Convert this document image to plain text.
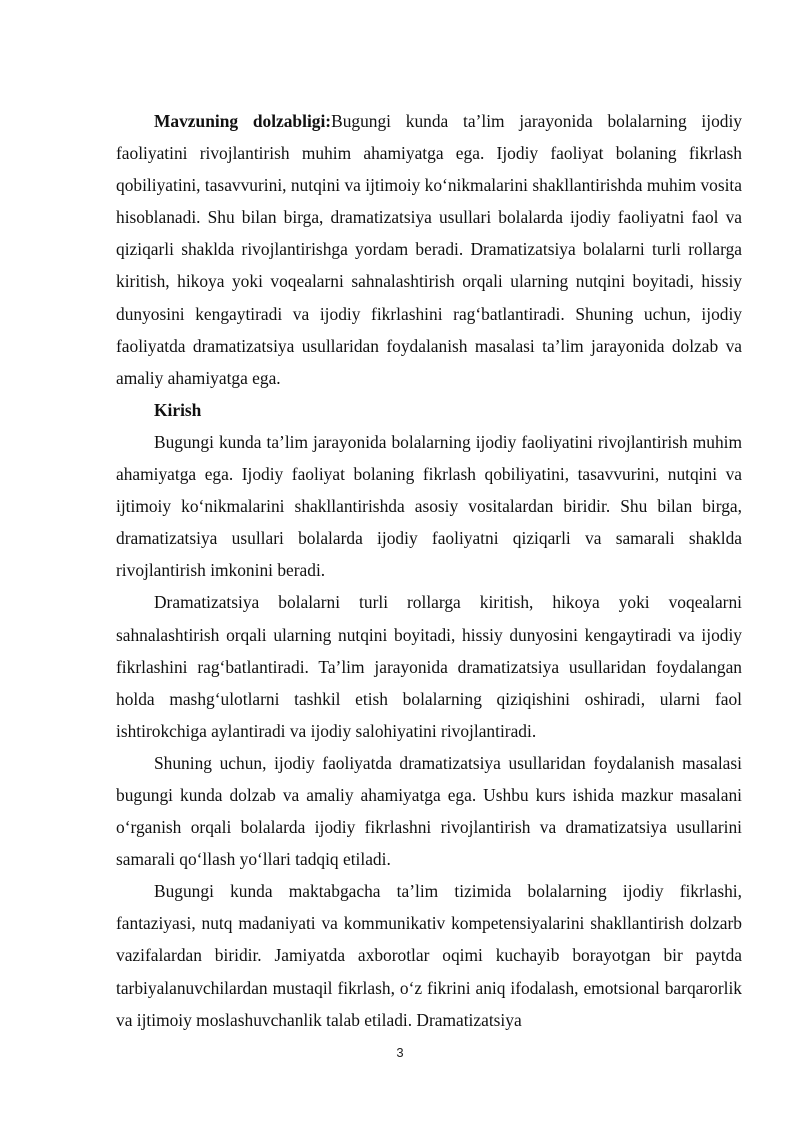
Mavzuning dolzabligi:Bugungi kunda ta’lim jarayonida bolalarning ijodiy faoliyatini rivojlantirish muhim ahamiyatga ega. Ijodiy faoliyat bolaning fikrlash qobiliyatini, tasavvurini, nutqini va ijtimoiy ko‘nikmalarini shakllantirishda muhim vosita hisoblanadi. Shu bilan birga, dramatizatsiya usullari bolalarda ijodiy faoliyatni faol va qiziqarli shaklda rivojlantirishga yordam beradi. Dramatizatsiya bolalarni turli rollarga kiritish, hikoya yoki voqealarni sahnalashtirish orqali ularning nutqini boyitadi, hissiy dunyosini kengaytiradi va ijodiy fikrlashini rag‘batlantiradi. Shuning uchun, ijodiy faoliyatda dramatizatsiya usullaridan foydalanish masalasi ta’lim jarayonida dolzab va amaliy ahamiyatga ega.

Kirish

Bugungi kunda ta’lim jarayonida bolalarning ijodiy faoliyatini rivojlantirish muhim ahamiyatga ega. Ijodiy faoliyat bolaning fikrlash qobiliyatini, tasavvurini, nutqini va ijtimoiy ko‘nikmalarini shakllantirishda asosiy vositalardan biridir. Shu bilan birga, dramatizatsiya usullari bolalarda ijodiy faoliyatni qiziqarli va samarali shaklda rivojlantirish imkonini beradi.

Dramatizatsiya bolalarni turli rollarga kiritish, hikoya yoki voqealarni sahnalashtirish orqali ularning nutqini boyitadi, hissiy dunyosini kengaytiradi va ijodiy fikrlashini rag‘batlantiradi. Ta’lim jarayonida dramatizatsiya usullaridan foydalangan holda mashg‘ulotlarni tashkil etish bolalarning qiziqishini oshiradi, ularni faol ishtirokchiga aylantiradi va ijodiy salohiyatini rivojlantiradi.

Shuning uchun, ijodiy faoliyatda dramatizatsiya usullaridan foydalanish masalasi bugungi kunda dolzab va amaliy ahamiyatga ega. Ushbu kurs ishida mazkur masalani o‘rganish orqali bolalarda ijodiy fikrlashni rivojlantirish va dramatizatsiya usullarini samarali qo‘llash yo‘llari tadqiq etiladi.

Bugungi kunda maktabgacha ta’lim tizimida bolalarning ijodiy fikrlashi, fantaziyasi, nutq madaniyati va kommunikativ kompetensiyalarini shakllantirish dolzarb vazifalardan biridir. Jamiyatda axborotlar oqimi kuchayib borayotgan bir paytda tarbiyalanuvchilardan mustaqil fikrlash, o‘z fikrini aniq ifodalash, emotsional barqarorlik va ijtimoiy moslashuvchanlik talab etiladi. Dramatizatsiya

3
